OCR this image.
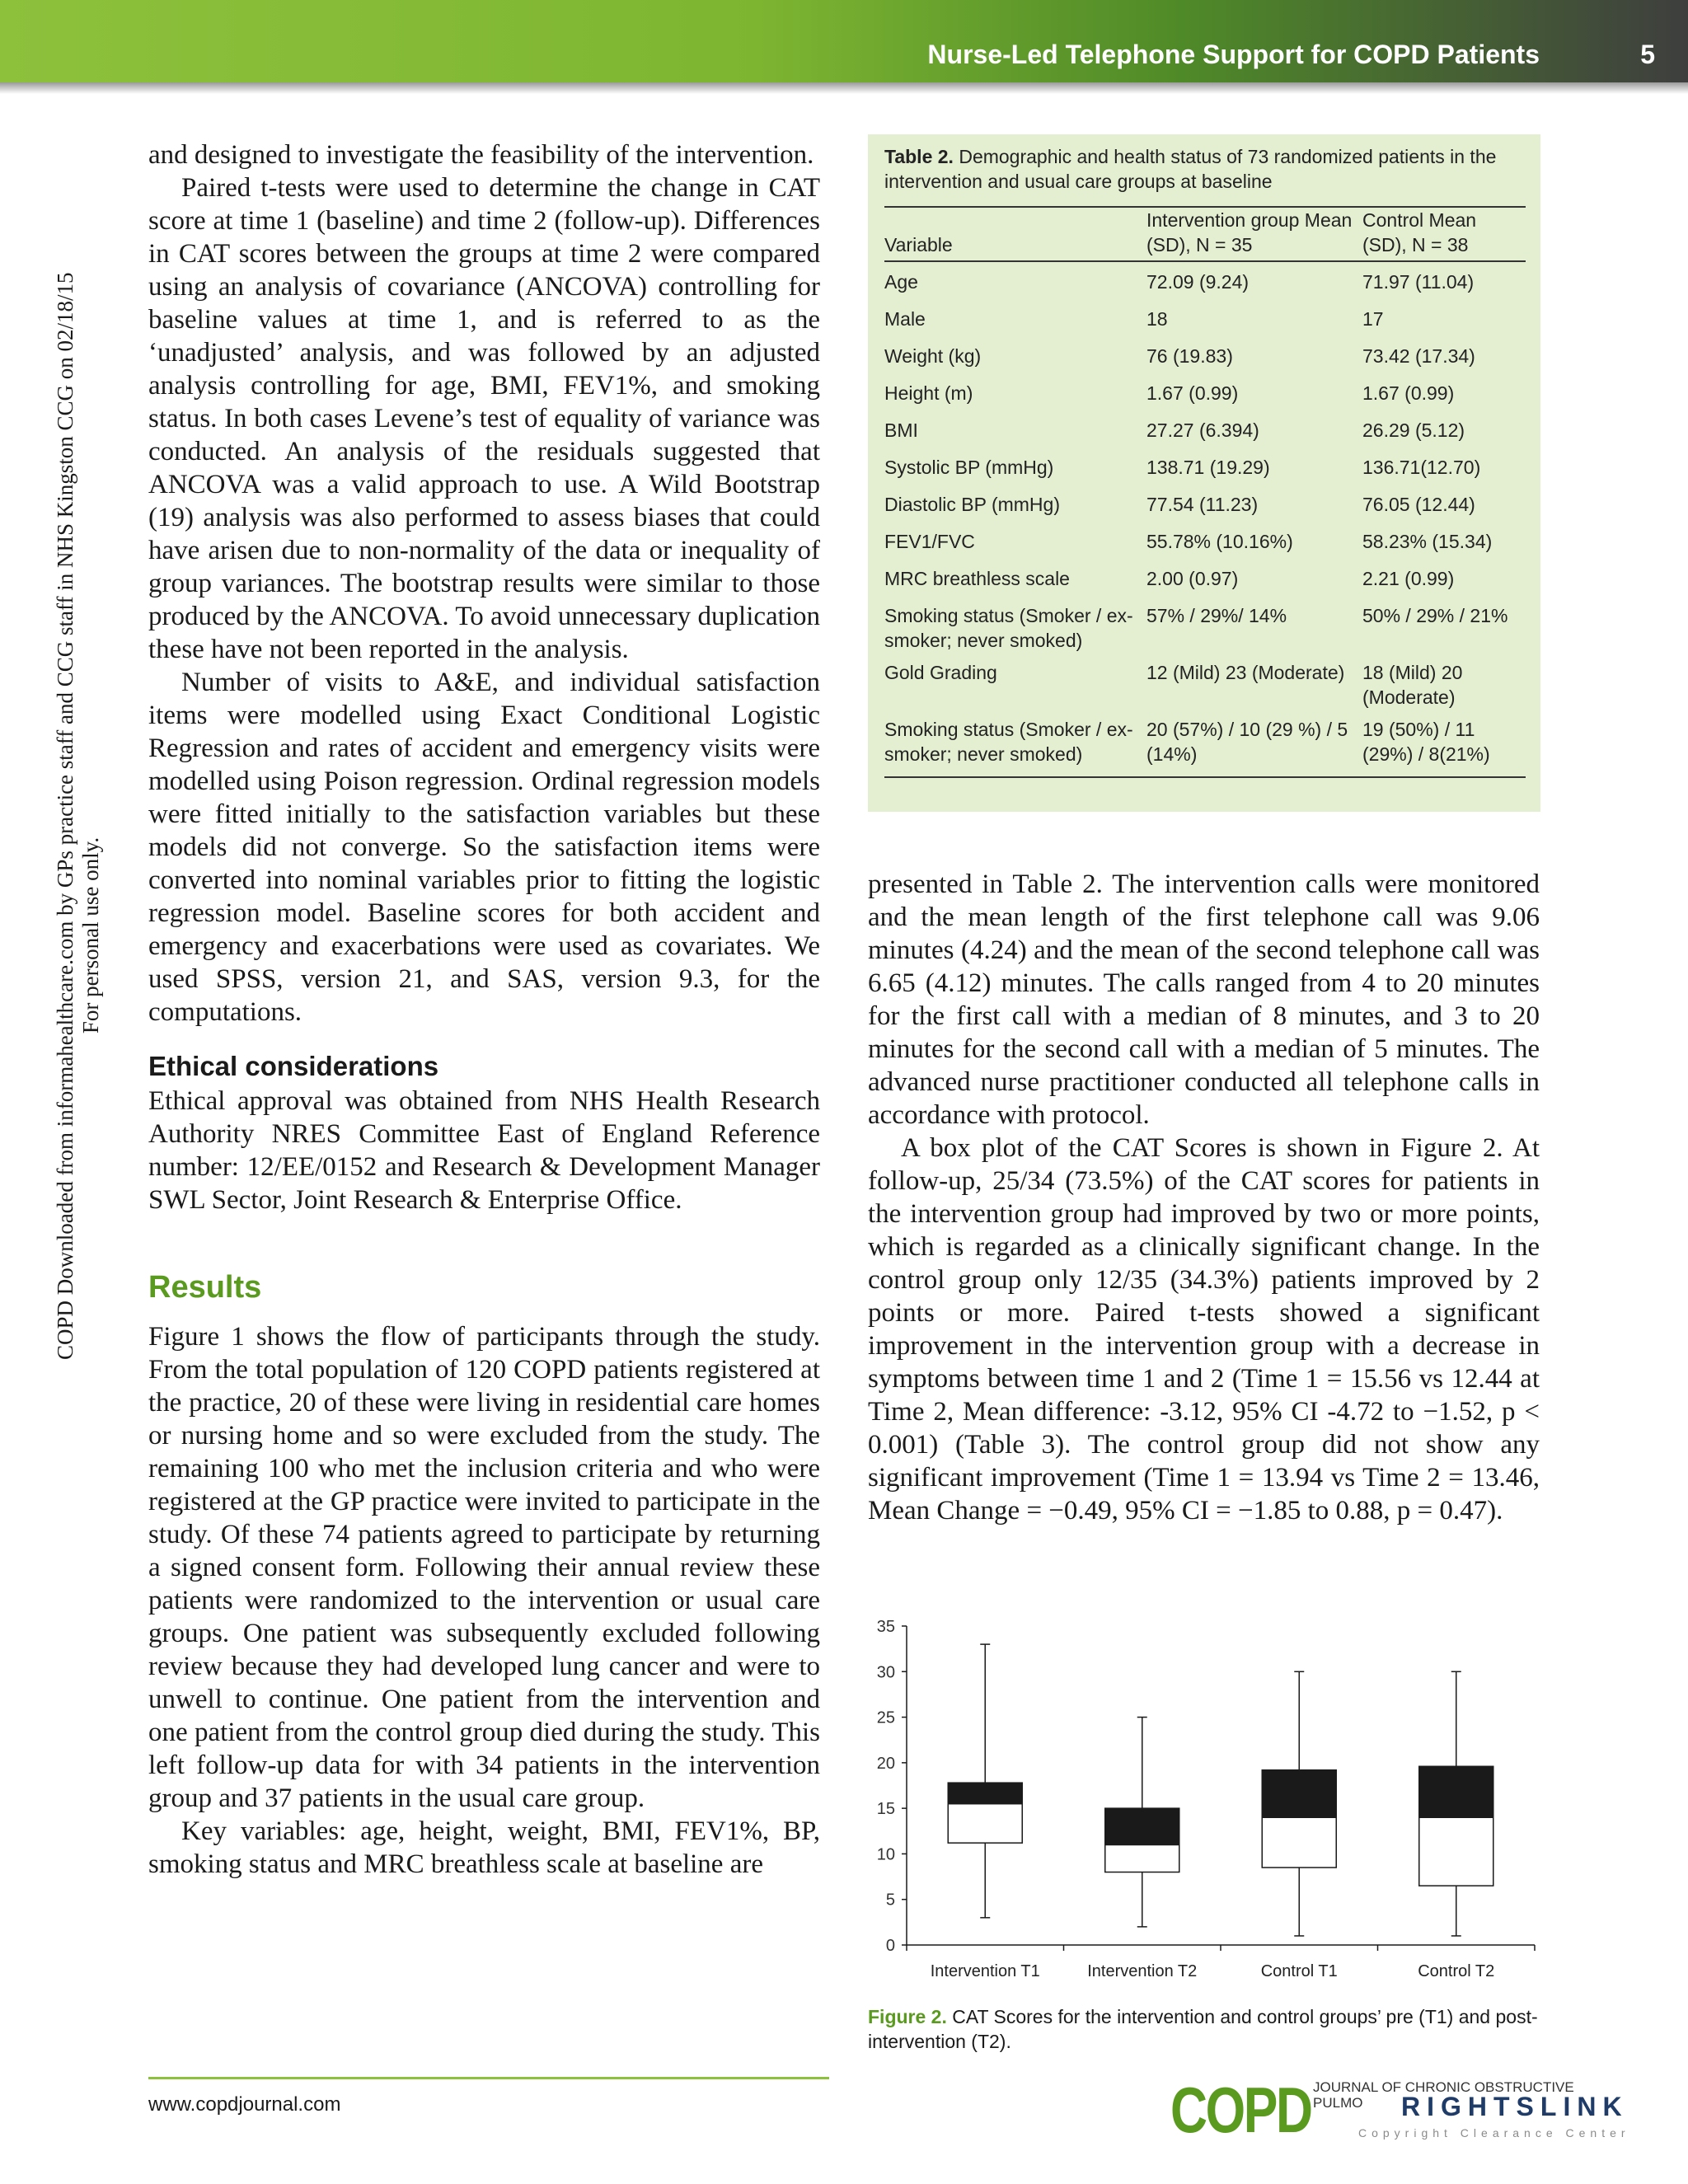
Nurse-Led Telephone Support for COPD Patients	5
COPD Downloaded from informahealthcare.com by GPs practice staff and CCG staff in NHS Kingston CCG on 02/18/15 For personal use only.

and designed to investigate the feasibility of the intervention.

Paired t-tests were used to determine the change in CAT score at time 1 (baseline) and time 2 (follow-up). Differences in CAT scores between the groups at time 2 were compared using an analysis of covariance (ANCOVA) controlling for baseline values at time 1, and is referred to as the ‘unadjusted’ analysis, and was followed by an adjusted analysis controlling for age, BMI, FEV1%, and smoking status. In both cases Levene’s test of equality of variance was conducted. An analysis of the residuals suggested that ANCOVA was a valid approach to use. A Wild Bootstrap (19) analysis was also performed to assess biases that could have arisen due to non-normality of the data or inequality of group variances. The bootstrap results were similar to those produced by the ANCOVA. To avoid unnecessary duplication these have not been reported in the analysis.

Number of visits to A&E, and individual satisfaction items were modelled using Exact Conditional Logistic Regression and rates of accident and emergency visits were modelled using Poison regression. Ordinal regression models were fitted initially to the satisfaction variables but these models did not converge. So the satisfaction items were converted into nominal variables prior to fitting the logistic regression model. Baseline scores for both accident and emergency and exacerbations were used as covariates. We used SPSS, version 21, and SAS, version 9.3, for the computations.

Ethical considerations

Ethical approval was obtained from NHS Health Research Authority NRES Committee East of England Reference number: 12/EE/0152 and Research & Development Manager SWL Sector, Joint Research & Enterprise Office.

Results

Figure 1 shows the flow of participants through the study. From the total population of 120 COPD patients registered at the practice, 20 of these were living in residential care homes or nursing home and so were excluded from the study. The remaining 100 who met the inclusion criteria and who were registered at the GP practice were invited to participate in the study. Of these 74 patients agreed to participate by returning a signed consent form. Following their annual review these patients were randomized to the intervention or usual care groups. One patient was subsequently excluded following review because they had developed lung cancer and were to unwell to continue. One patient from the intervention and one patient from the control group died during the study. This left follow-up data for with 34 patients in the intervention group and 37 patients in the usual care group.

Key variables: age, height, weight, BMI, FEV1%, BP, smoking status and MRC breathless scale at baseline are

Table 2. Demographic and health status of 73 randomized patients in the intervention and usual care groups at baseline
Variable	Intervention group Mean (SD), N = 35	Control Mean (SD), N = 38
Age	72.09 (9.24)	71.97 (11.04)
Male	18	17
Weight (kg)	76 (19.83)	73.42 (17.34)
Height (m)	1.67 (0.99)	1.67 (0.99)
BMI	27.27 (6.394)	26.29 (5.12)
Systolic BP (mmHg)	138.71 (19.29)	136.71(12.70)
Diastolic BP (mmHg)	77.54 (11.23)	76.05 (12.44)
FEV1/FVC	55.78% (10.16%)	58.23% (15.34)
MRC breathless scale	2.00 (0.97)	2.21 (0.99)
Smoking status (Smoker / ex-smoker; never smoked)	57% / 29%/ 14%	50% / 29% / 21%
Gold Grading	12 (Mild) 23 (Moderate)	18 (Mild) 20 (Moderate)
Smoking status (Smoker / ex-smoker; never smoked)	20 (57%) / 10 (29 %) / 5 (14%)	19 (50%) / 11 (29%) / 8(21%)

presented in Table 2. The intervention calls were monitored and the mean length of the first telephone call was 9.06 minutes (4.24) and the mean of the second telephone call was 6.65 (4.12) minutes. The calls ranged from 4 to 20 minutes for the first call with a median of 8 minutes, and 3 to 20 minutes for the second call with a median of 5 minutes. The advanced nurse practitioner conducted all telephone calls in accordance with protocol.

A box plot of the CAT Scores is shown in Figure 2. At follow-up, 25/34 (73.5%) of the CAT scores for patients in the intervention group had improved by two or more points, which is regarded as a clinically significant change. In the control group only 12/35 (34.3%) patients improved by 2 points or more. Paired t-tests showed a significant improvement in the intervention group with a decrease in symptoms between time 1 and 2 (Time 1 = 15.56 vs 12.44 at Time 2, Mean difference: -3.12, 95% CI -4.72 to −1.52, p < 0.001) (Table 3). The control group did not show any significant improvement (Time 1 = 13.94 vs Time 2 = 13.46, Mean Change = −0.49, 95% CI = −1.85 to 0.88, p = 0.47).

0
5
10
15
20
25
30
35
Intervention T1	Intervention T2	Control T1	Control T2
Figure 2. CAT Scores for the intervention and control groups’ pre (T1) and post-intervention (T2).
www.copdjournal.com	COPD JOURNAL OF CHRONIC OBSTRUCTIVE
PULMO	RIGHTSLINK
Copyright Clearance Center
